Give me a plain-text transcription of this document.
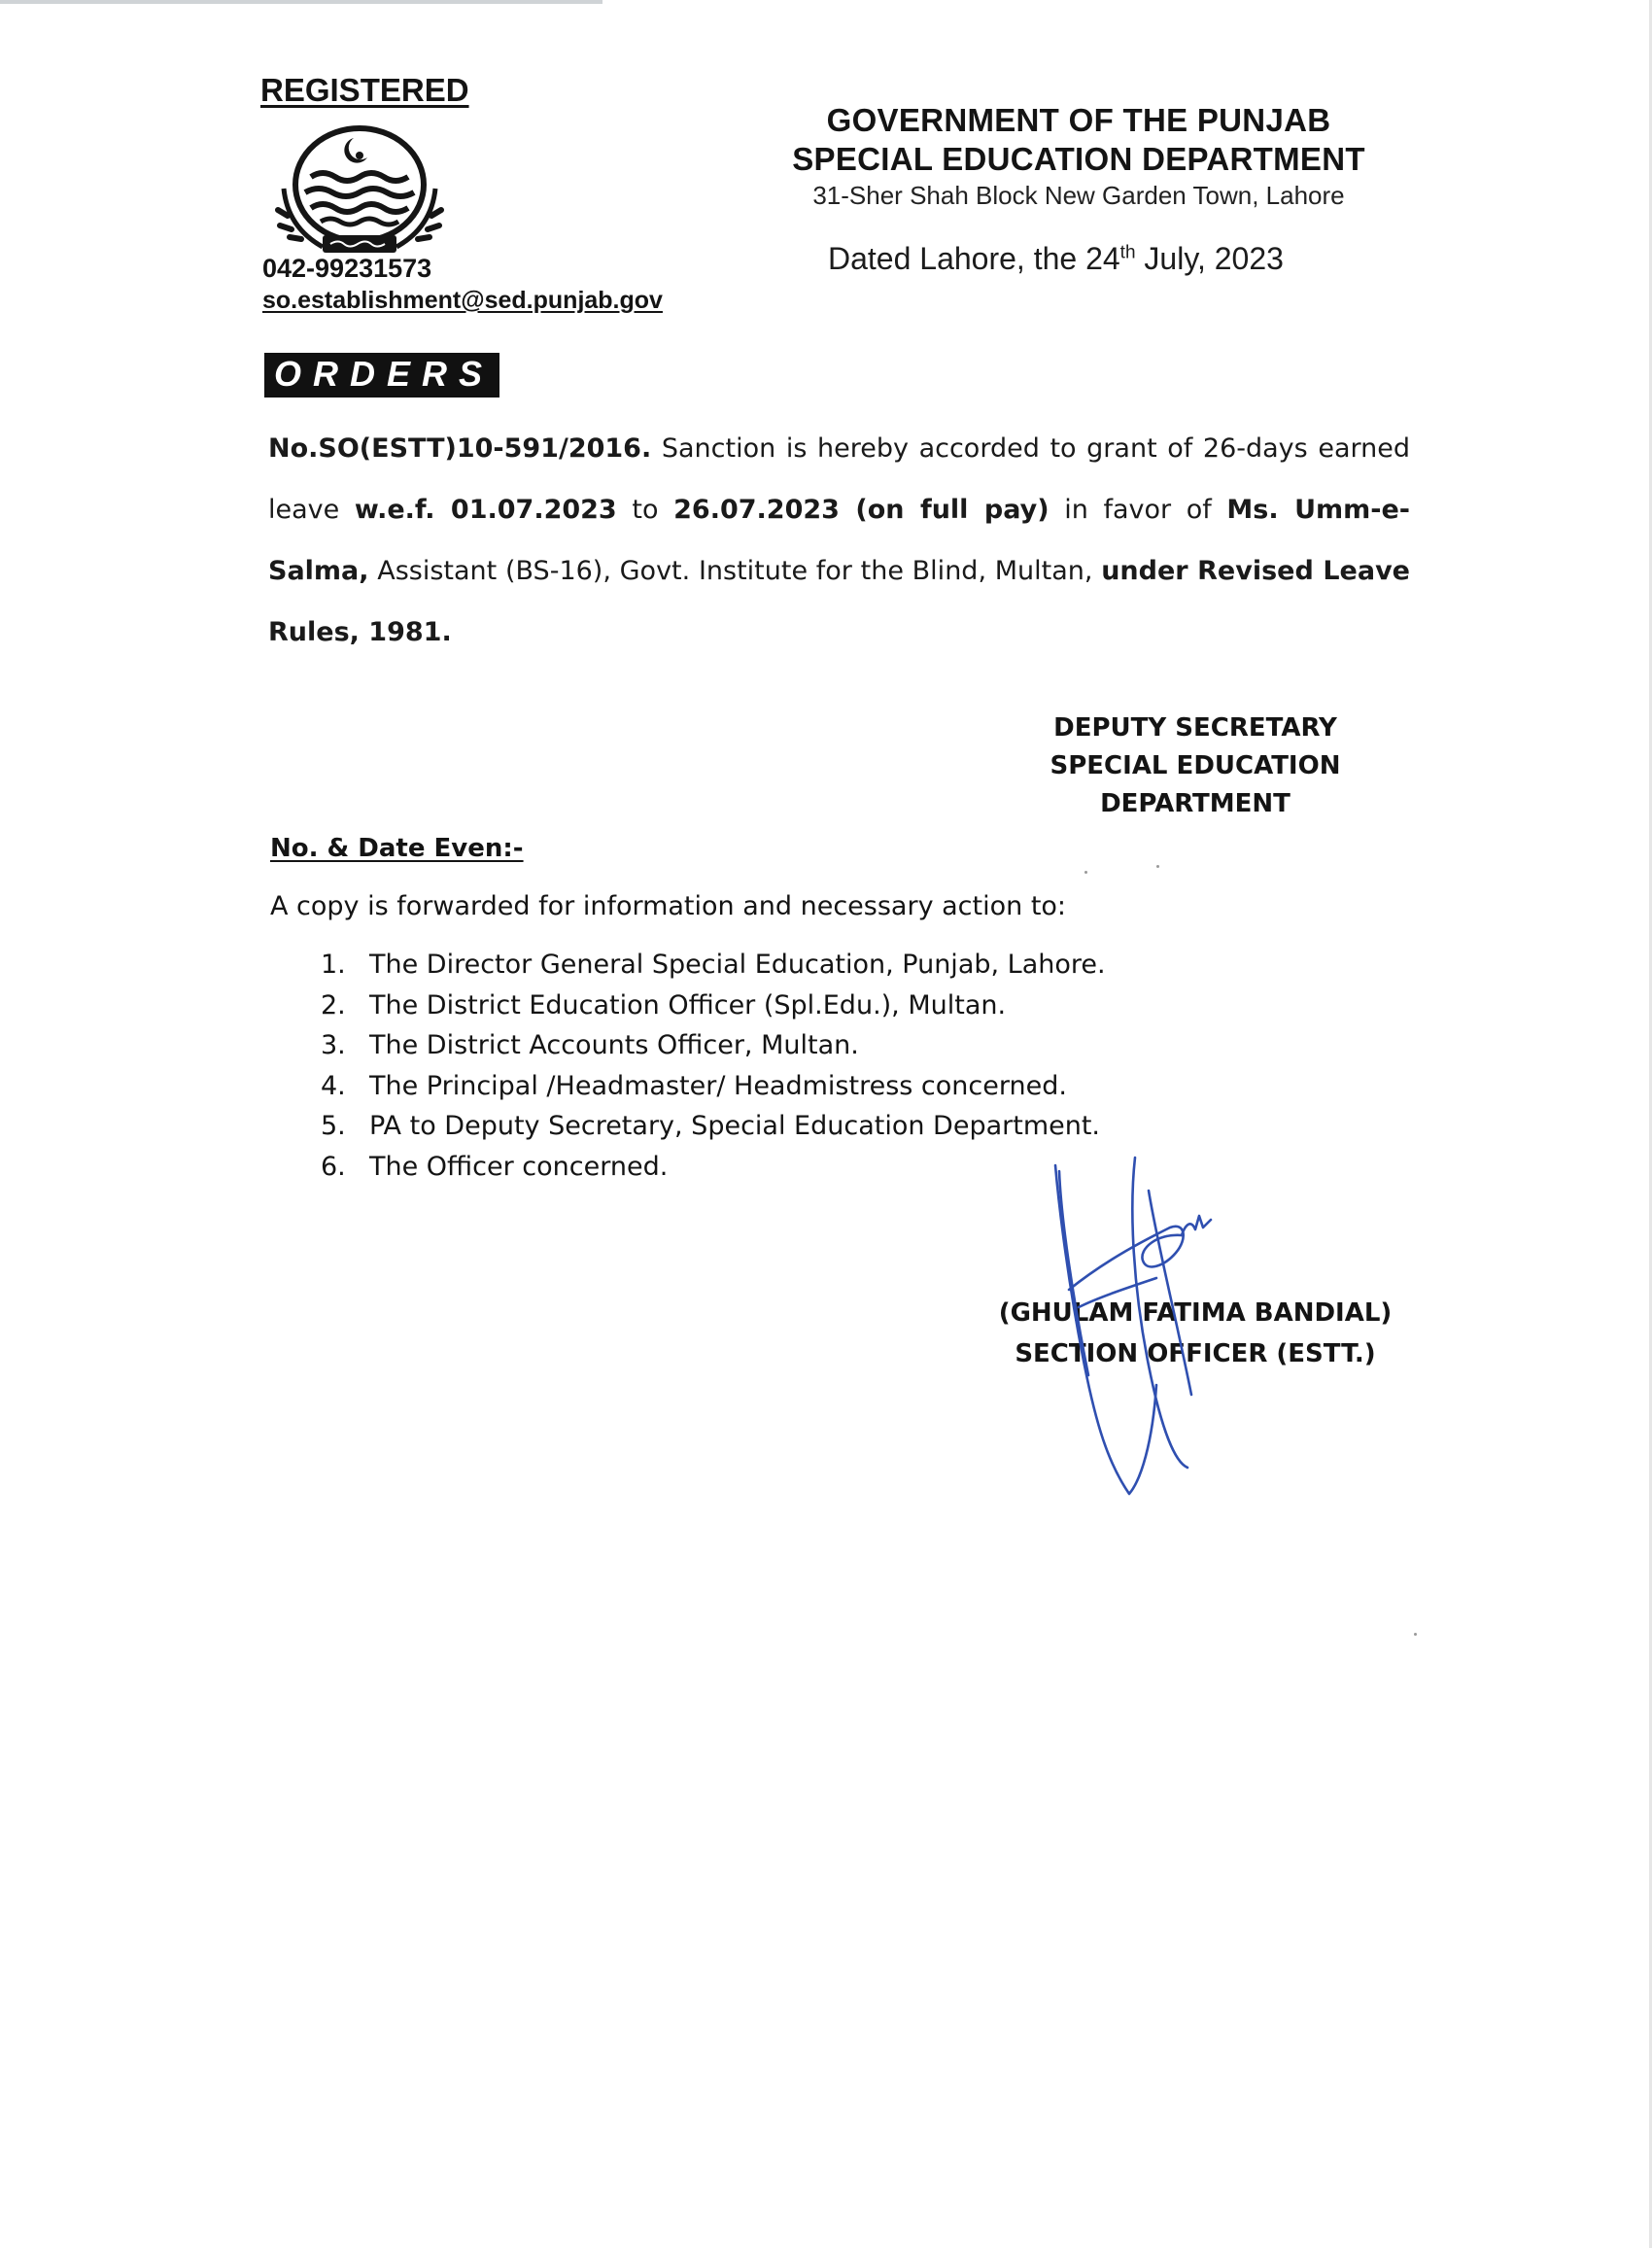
REGISTERED
042-99231573
so.establishment@sed.punjab.gov
GOVERNMENT OF THE PUNJAB
SPECIAL EDUCATION DEPARTMENT
31-Sher Shah Block New Garden Town, Lahore
Dated Lahore, the 24th July, 2023
ORDERS
No.SO(ESTT)10-591/2016. Sanction is hereby accorded to grant of 26-days earned leave w.e.f. 01.07.2023 to 26.07.2023 (on full pay) in favor of Ms. Umm-e-Salma, Assistant (BS-16), Govt. Institute for the Blind, Multan, under Revised Leave Rules, 1981.
DEPUTY SECRETARY
SPECIAL EDUCATION
DEPARTMENT
No. & Date Even:-
A copy is forwarded for information and necessary action to:
1. The Director General Special Education, Punjab, Lahore.
2. The District Education Officer (Spl.Edu.), Multan.
3. The District Accounts Officer, Multan.
4. The Principal /Headmaster/ Headmistress concerned.
5. PA to Deputy Secretary, Special Education Department.
6. The Officer concerned.
(GHULAM FATIMA BANDIAL)
SECTION OFFICER (ESTT.)
